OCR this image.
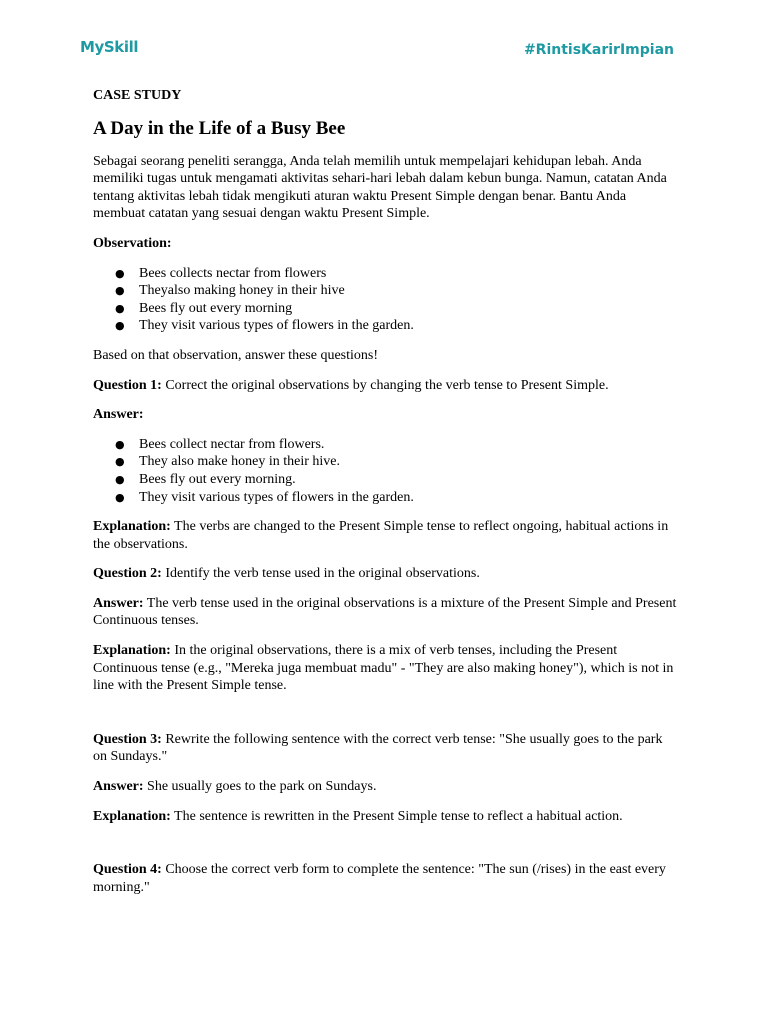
MySkill	#RintisKarirImpian

CASE STUDY

A Day in the Life of a Busy Bee

Sebagai seorang peneliti serangga, Anda telah memilih untuk mempelajari kehidupan lebah. Anda memiliki tugas untuk mengamati aktivitas sehari-hari lebah dalam kebun bunga. Namun, catatan Anda tentang aktivitas lebah tidak mengikuti aturan waktu Present Simple dengan benar. Bantu Anda membuat catatan yang sesuai dengan waktu Present Simple.

Observation:

● Bees collects nectar from flowers
● Theyalso making honey in their hive
● Bees fly out every morning
● They visit various types of flowers in the garden.

Based on that observation, answer these questions!

Question 1: Correct the original observations by changing the verb tense to Present Simple.

Answer:

● Bees collect nectar from flowers.
● They also make honey in their hive.
● Bees fly out every morning.
● They visit various types of flowers in the garden.

Explanation: The verbs are changed to the Present Simple tense to reflect ongoing, habitual actions in the observations.

Question 2: Identify the verb tense used in the original observations.

Answer: The verb tense used in the original observations is a mixture of the Present Simple and Present Continuous tenses.

Explanation: In the original observations, there is a mix of verb tenses, including the Present Continuous tense (e.g., "Mereka juga membuat madu" - "They are also making honey"), which is not in line with the Present Simple tense.

Question 3: Rewrite the following sentence with the correct verb tense: "She usually goes to the park on Sundays."

Answer: She usually goes to the park on Sundays.

Explanation: The sentence is rewritten in the Present Simple tense to reflect a habitual action.

Question 4: Choose the correct verb form to complete the sentence: "The sun (/rises) in the east every morning."
